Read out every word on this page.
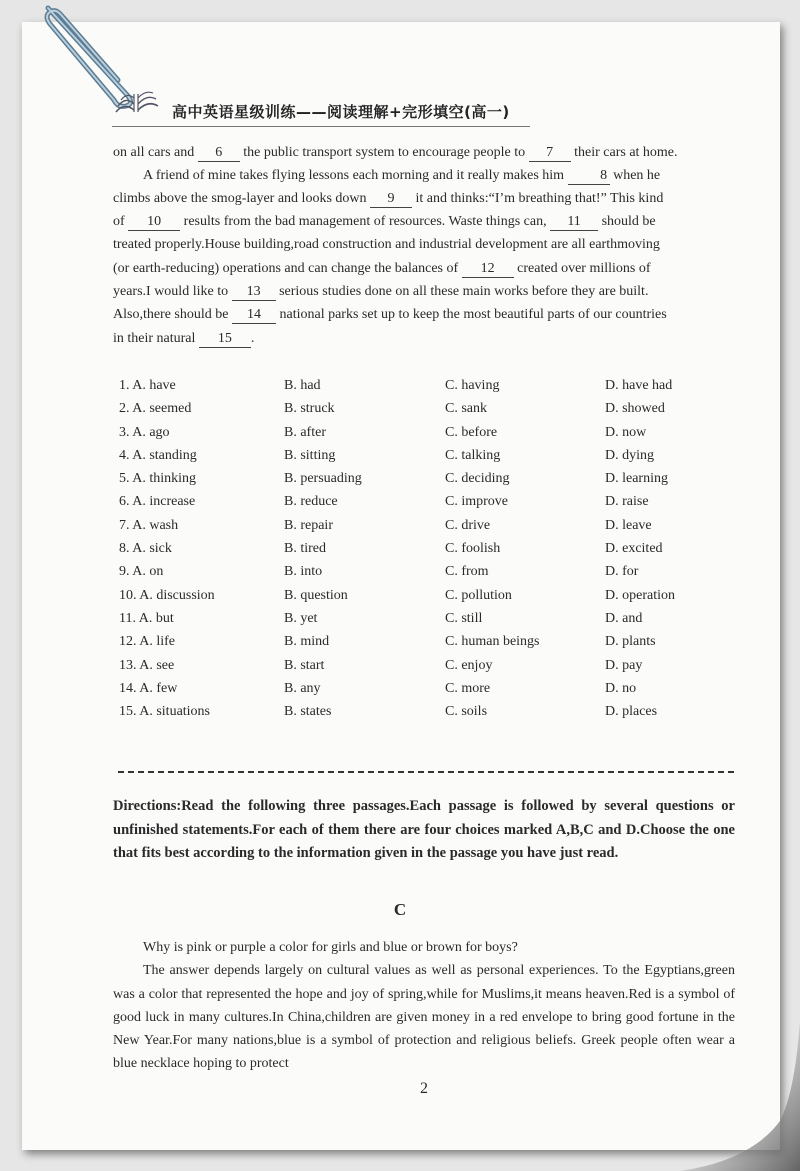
高中英语星级训练——阅读理解+完形填空(高一)
on all cars and 6 the public transport system to encourage people to 7 their cars at home.
A friend of mine takes flying lessons each morning and it really makes him 8 when he
climbs above the smog-layer and looks down 9 it and thinks:“I’m breathing that!” This kind
of 10 results from the bad management of resources. Waste things can, 11 should be
treated properly.House building,road construction and industrial development are all earthmoving
(or earth-reducing) operations and can change the balances of 12 created over millions of
years.I would like to 13 serious studies done on all these main works before they are built.
Also,there should be 14 national parks set up to keep the most beautiful parts of our countries
in their natural 15 .
1. A. have	B. had	C. having	D. have had
2. A. seemed	B. struck	C. sank	D. showed
3. A. ago	B. after	C. before	D. now
4. A. standing	B. sitting	C. talking	D. dying
5. A. thinking	B. persuading	C. deciding	D. learning
6. A. increase	B. reduce	C. improve	D. raise
7. A. wash	B. repair	C. drive	D. leave
8. A. sick	B. tired	C. foolish	D. excited
9. A. on	B. into	C. from	D. for
10. A. discussion	B. question	C. pollution	D. operation
11. A. but	B. yet	C. still	D. and
12. A. life	B. mind	C. human beings	D. plants
13. A. see	B. start	C. enjoy	D. pay
14. A. few	B. any	C. more	D. no
15. A. situations	B. states	C. soils	D. places
Directions:Read the following three passages.Each passage is followed by several questions or unfinished statements.For each of them there are four choices marked A,B,C and D.Choose the one that fits best according to the information given in the passage you have just read.
C

Why is pink or purple a color for girls and blue or brown for boys?

The answer depends largely on cultural values as well as personal experiences. To the Egyptians,green was a color that represented the hope and joy of spring,while for Muslims,it means heaven.Red is a symbol of good luck in many cultures.In China,children are given money in a red envelope to bring good fortune in the New Year.For many nations,blue is a symbol of protection and religious beliefs. Greek people often wear a blue necklace hoping to protect

2
